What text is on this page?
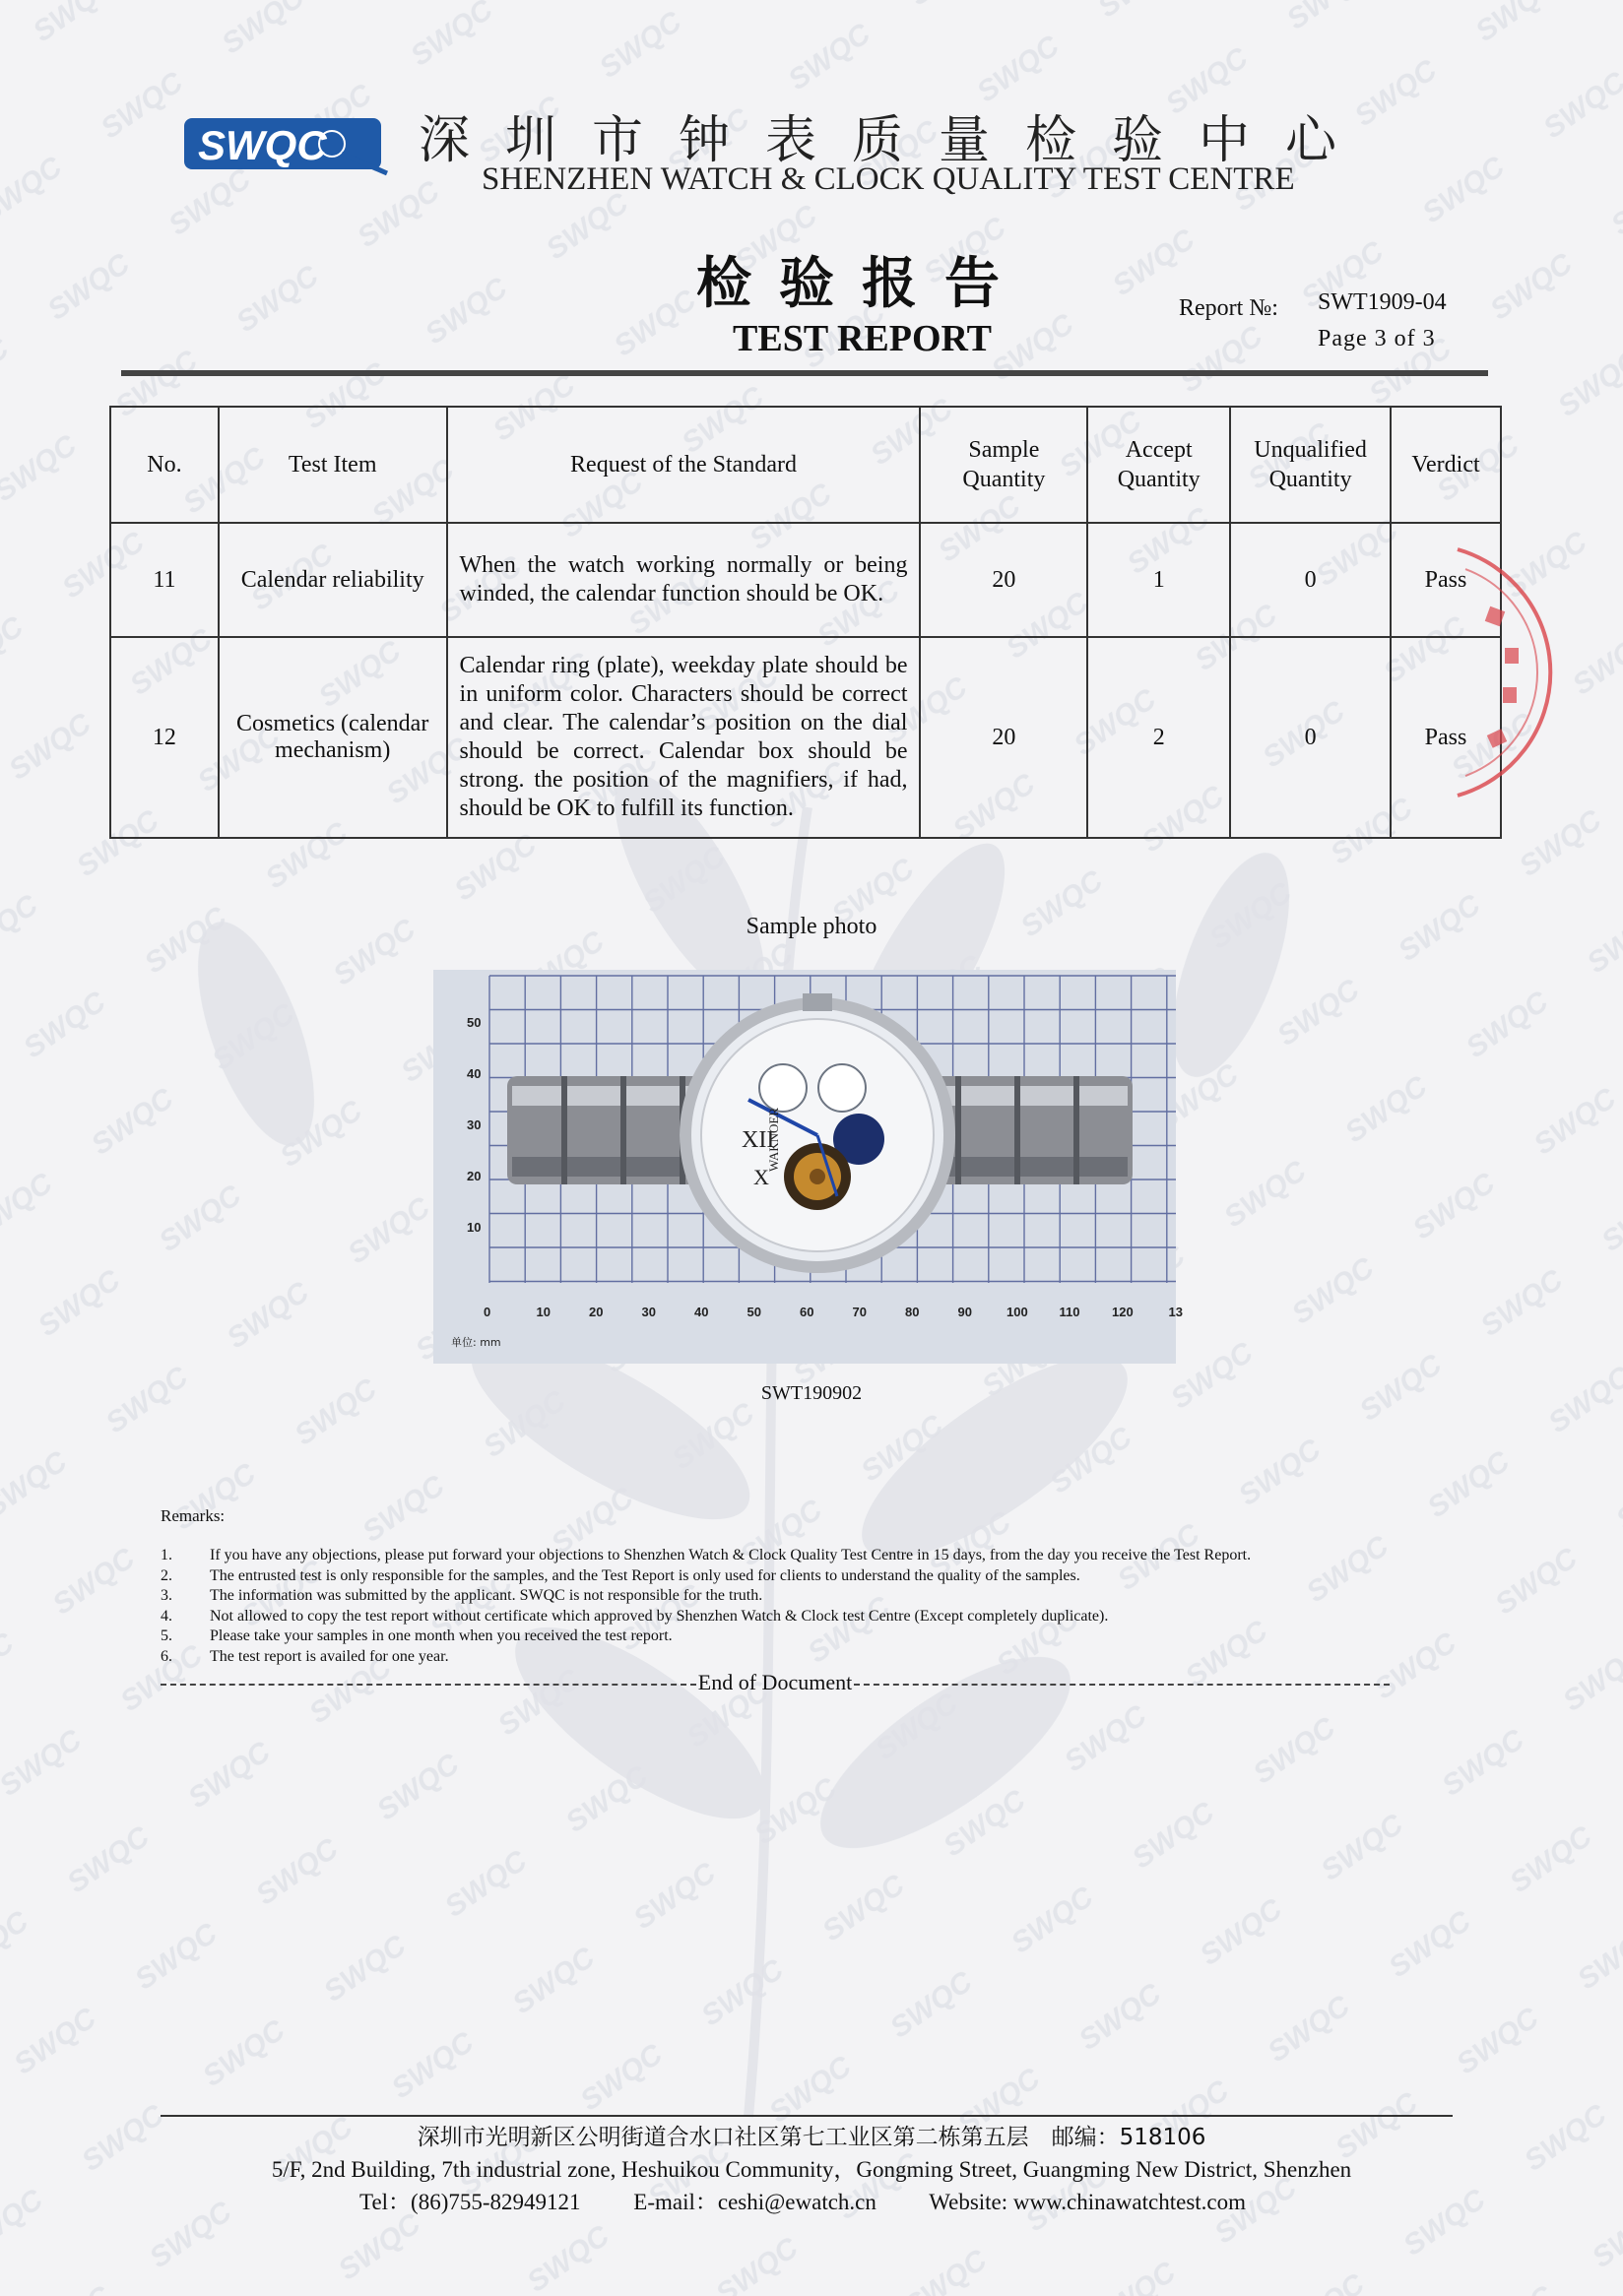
SWQC 深圳市钟表质量检验中心
SHENZHEN WATCH & CLOCK QUALITY TEST CENTRE
检验报告
TEST REPORT
Report №: SWT1909-04
Page 3 of 3
No.	Test Item	Request of the Standard	Sample Quantity	Accept Quantity	Unqualified Quantity	Verdict
11	Calendar reliability	When the watch working normally or being winded, the calendar function should be OK.	20	1	0	Pass
12	Cosmetics (calendar mechanism)	Calendar ring (plate), weekday plate should be in uniform color. Characters should be correct and clear. The calendar’s position on the dial should be correct. Calendar box should be strong. the position of the magnifiers, if had, should be OK to fulfill its function.	20	2	0	Pass
Sample photo
50
40
30
20
10
0	10	20	30	40	50	60	70	80	90	100 110	120	13
单位: mm
XII
X
WAKNOER
SWT190902
Remarks:
1. If you have any objections, please put forward your objections to Shenzhen Watch & Clock Quality Test Centre in 15 days, from the day you receive the Test Report.
2. The entrusted test is only responsible for the samples, and the Test Report is only used for clients to understand the quality of the samples.
3. The information was submitted by the applicant. SWQC is not responsible for the truth.
4. Not allowed to copy the test report without certificate which approved by Shenzhen Watch & Clock test Centre (Except completely duplicate).
5. Please take your samples in one month when you received the test report.
6. The test report is availed for one year.
End of Document
深圳市光明新区公明街道合水口社区第七工业区第二栋第五层　邮编：518106
5/F, 2nd Building, 7th industrial zone, Heshuikou Community，Gongming Street, Guangming New District, Shenzhen
Tel：(86)755-82949121 E-mail：ceshi@ewatch.cn Website: www.chinawatchtest.com
